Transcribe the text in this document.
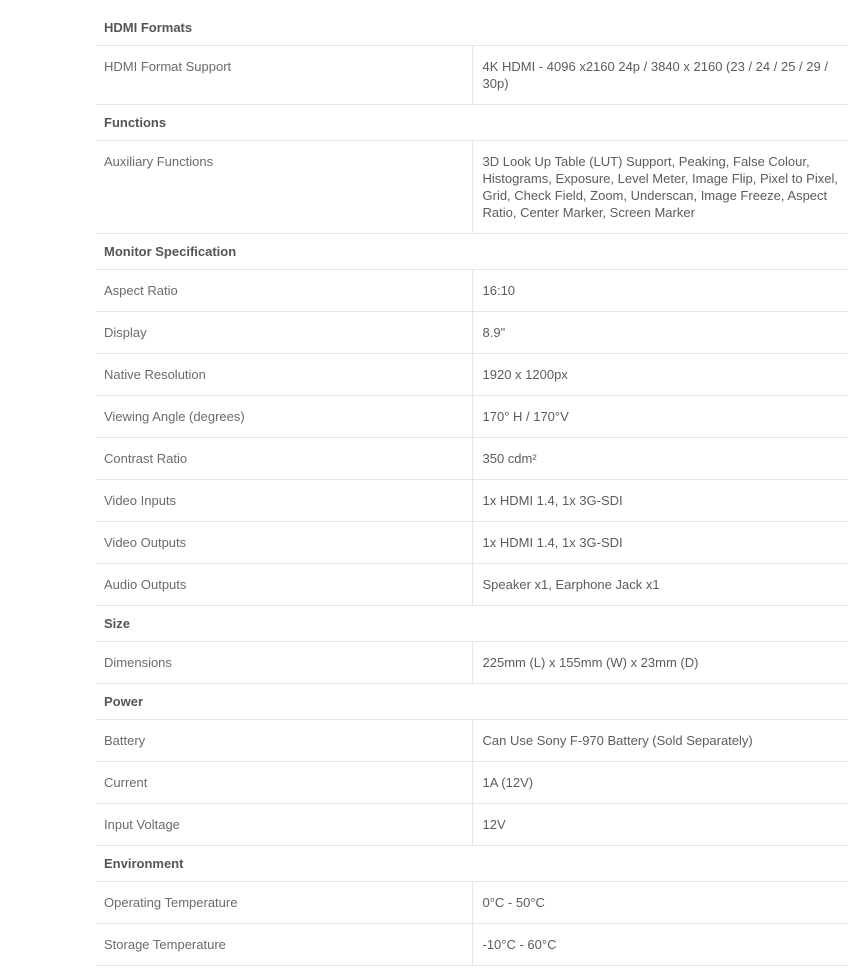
HDMI Formats	
HDMI Format Support	4K HDMI - 4096 x2160 24p / 3840 x 2160 (23 / 24 / 25 / 29 / 30p)
Functions	
Auxiliary Functions	3D Look Up Table (LUT) Support, Peaking, False Colour, Histograms, Exposure, Level Meter, Image Flip, Pixel to Pixel, Grid, Check Field, Zoom, Underscan, Image Freeze, Aspect Ratio, Center Marker, Screen Marker
Monitor Specification	
Aspect Ratio	16:10
Display	8.9"
Native Resolution	1920 x 1200px
Viewing Angle (degrees)	170° H / 170°V
Contrast Ratio	350 cdm²
Video Inputs	1x HDMI 1.4, 1x 3G-SDI
Video Outputs	1x HDMI 1.4, 1x 3G-SDI
Audio Outputs	Speaker x1, Earphone Jack x1
Size	
Dimensions	225mm (L) x 155mm (W) x 23mm (D)
Power	
Battery	Can Use Sony F-970 Battery (Sold Separately)
Current	1A (12V)
Input Voltage	12V
Environment	
Operating Temperature	0°C - 50°C
Storage Temperature	-10°C - 60°C
